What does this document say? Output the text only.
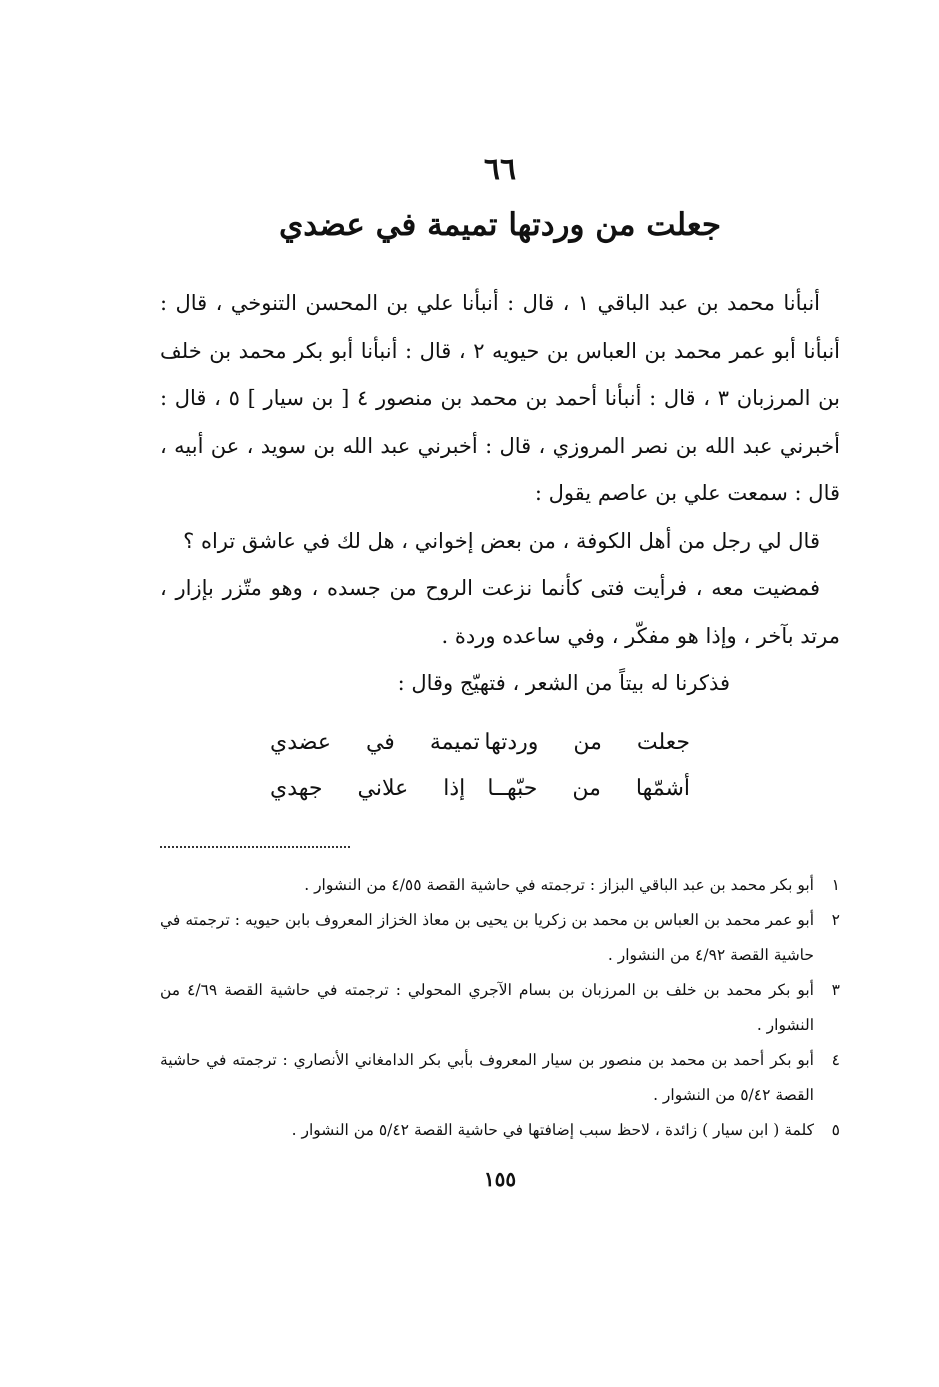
٦٦
جعلت من وردتها تميمة في عضدي

أنبأنا محمد بن عبد الباقي ١ ، قال : أنبأنا علي بن المحسن التنوخي ، قال : أنبأنا أبو عمر محمد بن العباس بن حيويه ٢ ، قال : أنبأنا أبو بكر محمد بن خلف بن المرزبان ٣ ، قال : أنبأنا أحمد بن محمد بن منصور ٤ [ بن سيار ] ٥ ، قال : أخبرني عبد الله بن نصر المروزي ، قال : أخبرني عبد الله بن سويد ، عن أبيه ، قال : سمعت علي بن عاصم يقول :

قال لي رجل من أهل الكوفة ، من بعض إخواني ، هل لك في عاشق تراه ؟

فمضيت معه ، فرأيت فتى كأنما نزعت الروح من جسده ، وهو متّزر بإزار ، مرتد بآخر ، وإذا هو مفكّر ، وفي ساعده وردة .

فذكرنا له بيتاً من الشعر ، فتهيّج وقال :

جعلت من وردتها
تميمة في عضدي
أشمّها من حبّهــا
إذا علاني جهدي
١
أبو بكر محمد بن عبد الباقي البزاز : ترجمته في حاشية القصة ٤/٥٥ من النشوار .
٢
أبو عمر محمد بن العباس بن محمد بن زكريا بن يحيى بن معاذ الخزاز المعروف بابن حيويه : ترجمته في حاشية القصة ٤/٩٢ من النشوار .
٣
أبو بكر محمد بن خلف بن المرزبان بن بسام الآجري المحولي : ترجمته في حاشية القصة ٤/٦٩ من النشوار .
٤
أبو بكر أحمد بن محمد بن منصور بن سيار المعروف بأبي بكر الدامغاني الأنصاري : ترجمته في حاشية القصة ٥/٤٢ من النشوار .
٥
كلمة ( ابن سيار ) زائدة ، لاحظ سبب إضافتها في حاشية القصة ٥/٤٢ من النشوار .
١٥٥
